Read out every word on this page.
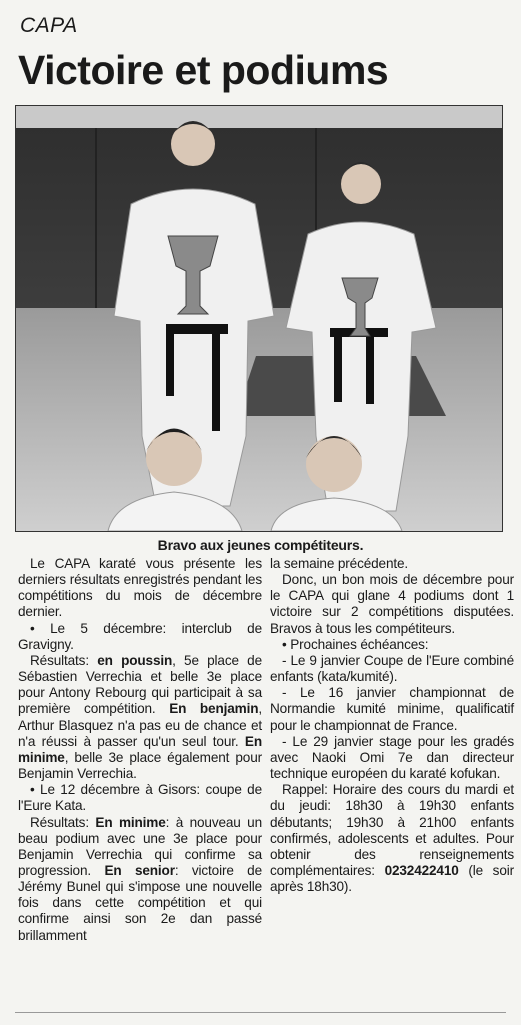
CAPA
Victoire et podiums
Bravo aux jeunes compétiteurs.

Le CAPA karaté vous présente les derniers résultats enregistrés pendant les compétitions du mois de décembre dernier.

• Le 5 décembre: interclub de Gravigny.

Résultats: en poussin, 5e place de Sébastien Verrechia et belle 3e place pour Antony Rebourg qui participait à sa première compétition. En benjamin, Arthur Blasquez n'a pas eu de chance et n'a réussi à passer qu'un seul tour. En minime, belle 3e place également pour Benjamin Verrechia.

• Le 12 décembre à Gisors: coupe de l'Eure Kata.

Résultats: En minime: à nouveau un beau podium avec une 3e place pour Benjamin Verrechia qui confirme sa progression. En senior: victoire de Jérémy Bunel qui s'impose une nouvelle fois dans cette compétition et qui confirme ainsi son 2e dan passé brillamment

la semaine précédente.

Donc, un bon mois de décembre pour le CAPA qui glane 4 podiums dont 1 victoire sur 2 compétitions disputées. Bravos à tous les compétiteurs.

• Prochaines échéances:

- Le 9 janvier Coupe de l'Eure combiné enfants (kata/kumité).

- Le 16 janvier championnat de Normandie kumité minime, qualificatif pour le championnat de France.

- Le 29 janvier stage pour les gradés avec Naoki Omi 7e dan directeur technique européen du karaté kofukan.

Rappel: Horaire des cours du mardi et du jeudi: 18h30 à 19h30 enfants débutants; 19h30 à 21h00 enfants confirmés, adolescents et adultes. Pour obtenir des	renseignements complémentaires: 0232422410 (le soir après 18h30).
